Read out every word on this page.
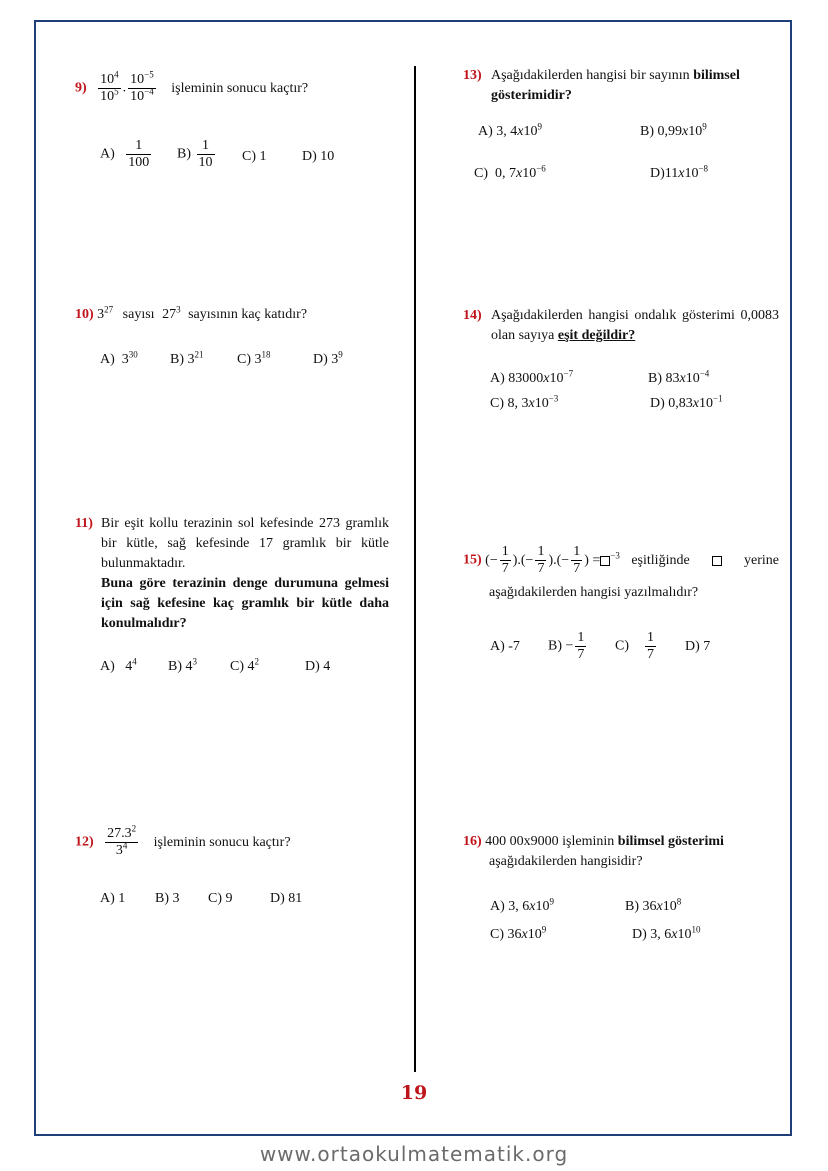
$9) \frac{10^4}{10^5}$ . $\frac{10^{-5}}{10^{-4}}$ işleminin sonucu kaçtır?
$A) \frac{1}{100} B) \frac{1}{10} C$) 1	D) 10
10) $3^{27}$ sayısı $27^3$ sayısının kaç katıdır?
A) $3^{30}$ B) $3^{21}$ C) $3^{18}$	D) $3^9$
11) Bir eşit kollu terazinin sol kefesinde 273 gramlık bir kütle, sağ kefesinde 17 gramlık bir kütle bulunmaktadır.
Buna göre terazinin denge durumuna gelmesi için sağ kefesine kaç gramlık bir kütle daha konulmalıdır?
A) $4^4$ B) $4^3$ C) $4^2$	D) 4
$12) \frac{27.3^2}{3^4}$ işleminin sonucu kaçtır?
A) 1 B) 3 C) 9	D) 81
13) Aşağıdakilerden hangisi bir sayının bilimsel gösterimidir?
A) 3, $4x10^9$	B) $0,99x10^9$
C) 0, $7x10^{-6}$	$D)11x10^{-8}$
14) Aşağıdakilerden hangisi ondalık gösterimi 0,0083 olan sayıya eşit değildir?
A) $83000x10^{-7}$	B) $83x10^{-4}$
C) 8, $3x10^{-3}$	D) $0,83x10^{-1}$
15) (− $\frac{1}{7}$ ).(− $\frac{1}{7}$ ).(− $\frac{1}{7}$ ) = $^{-3}$ eşitliğinde	yerine
aşağıdakilerden hangisi yazılmalıdır?
A) -7 $B) - \frac{1}{7} C) \frac{1}{7} D$) 7
16) 400 00x9000 işleminin bilimsel gösterimi
aşağıdakilerden hangisidir?
A) 3, $6x10^9$	B) $36x10^8$
C) $36x10^9$	D) 3, $6x10^{10}$
19
www.ortaokulmatematik.org
